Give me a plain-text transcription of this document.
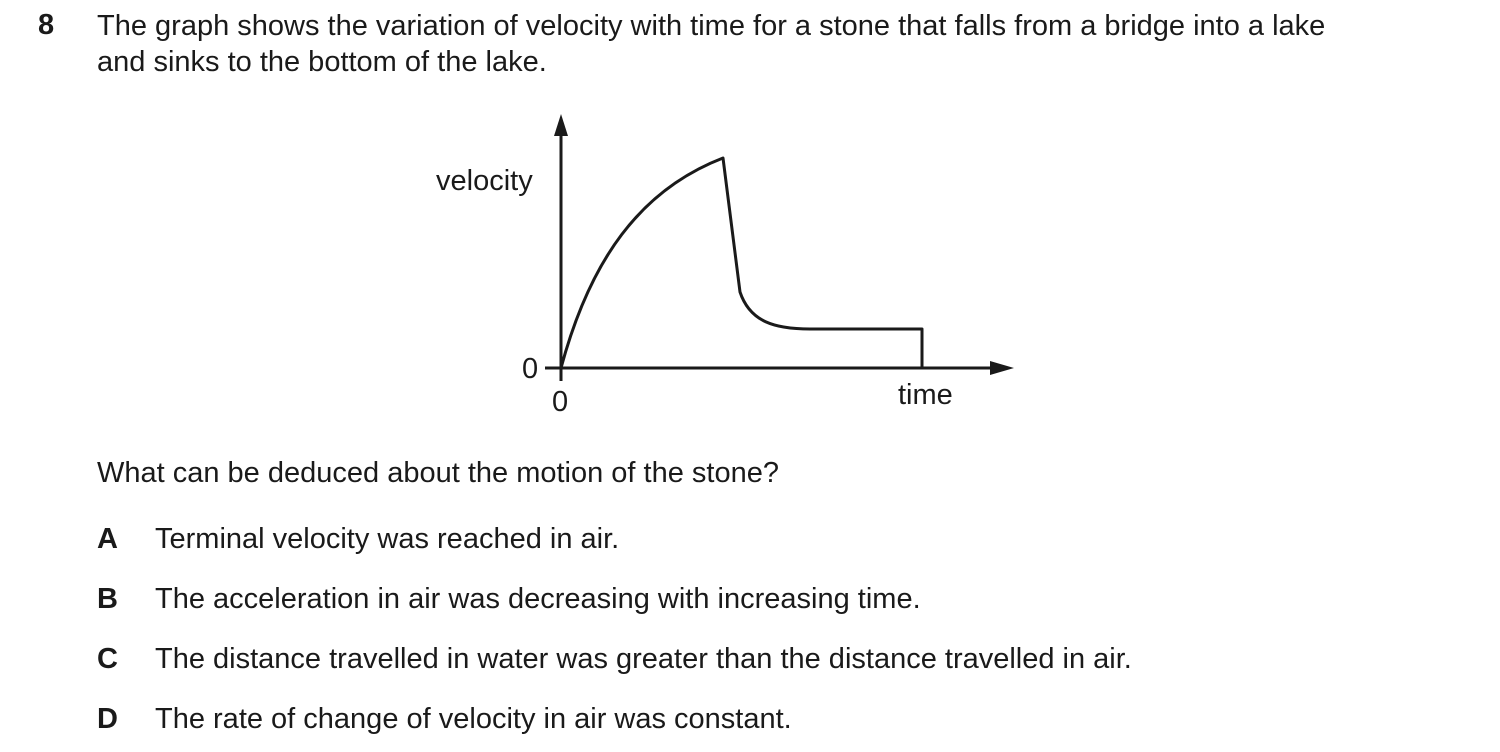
8 The graph shows the variation of velocity with time for a stone that falls from a bridge into a lake

and sinks to the bottom of the lake.

velocity
0
0	time
What can be deduced about the motion of the stone?
A Terminal velocity was reached in air.
B The acceleration in air was decreasing with increasing time.
C The distance travelled in water was greater than the distance travelled in air.
D The rate of change of velocity in air was constant.
